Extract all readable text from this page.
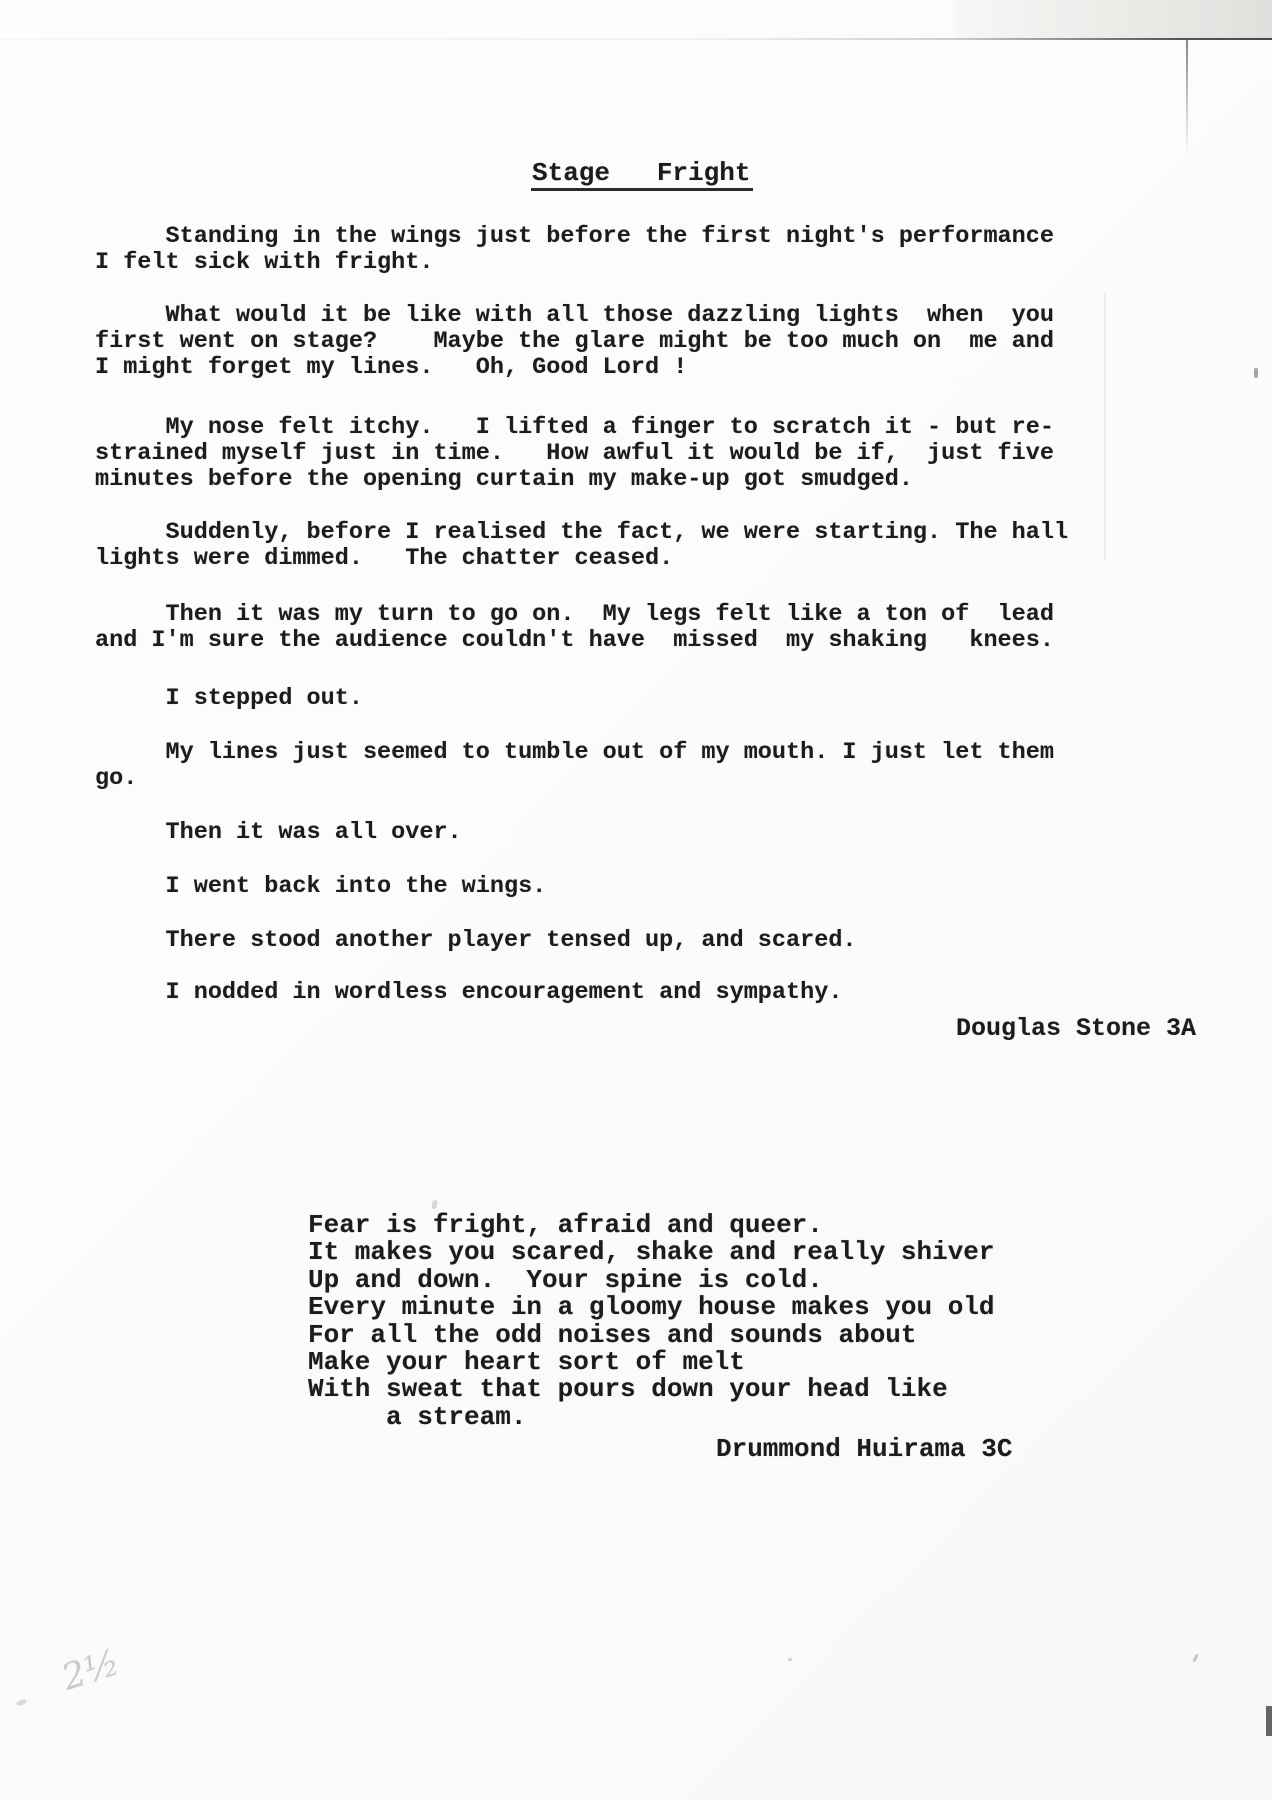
Stage   Fright
Standing in the wings just before the first night's performance
I felt sick with fright.
What would it be like with all those dazzling lights  when  you
first went on stage?    Maybe the glare might be too much on  me and
I might forget my lines.   Oh, Good Lord !
My nose felt itchy.   I lifted a finger to scratch it - but re-
strained myself just in time.   How awful it would be if,  just five
minutes before the opening curtain my make-up got smudged.
Suddenly, before I realised the fact, we were starting. The hall
lights were dimmed.   The chatter ceased.
Then it was my turn to go on.  My legs felt like a ton of  lead
and I'm sure the audience couldn't have  missed  my shaking   knees.
I stepped out.
My lines just seemed to tumble out of my mouth. I just let them
go.
Then it was all over.
I went back into the wings.
There stood another player tensed up, and scared.
I nodded in wordless encouragement and sympathy.
Douglas Stone 3A
Fear is fright, afraid and queer.
It makes you scared, shake and really shiver
Up and down.  Your spine is cold.
Every minute in a gloomy house makes you old
For all the odd noises and sounds about
Make your heart sort of melt
With sweat that pours down your head like
a stream.
Drummond Huirama 3C
2½
